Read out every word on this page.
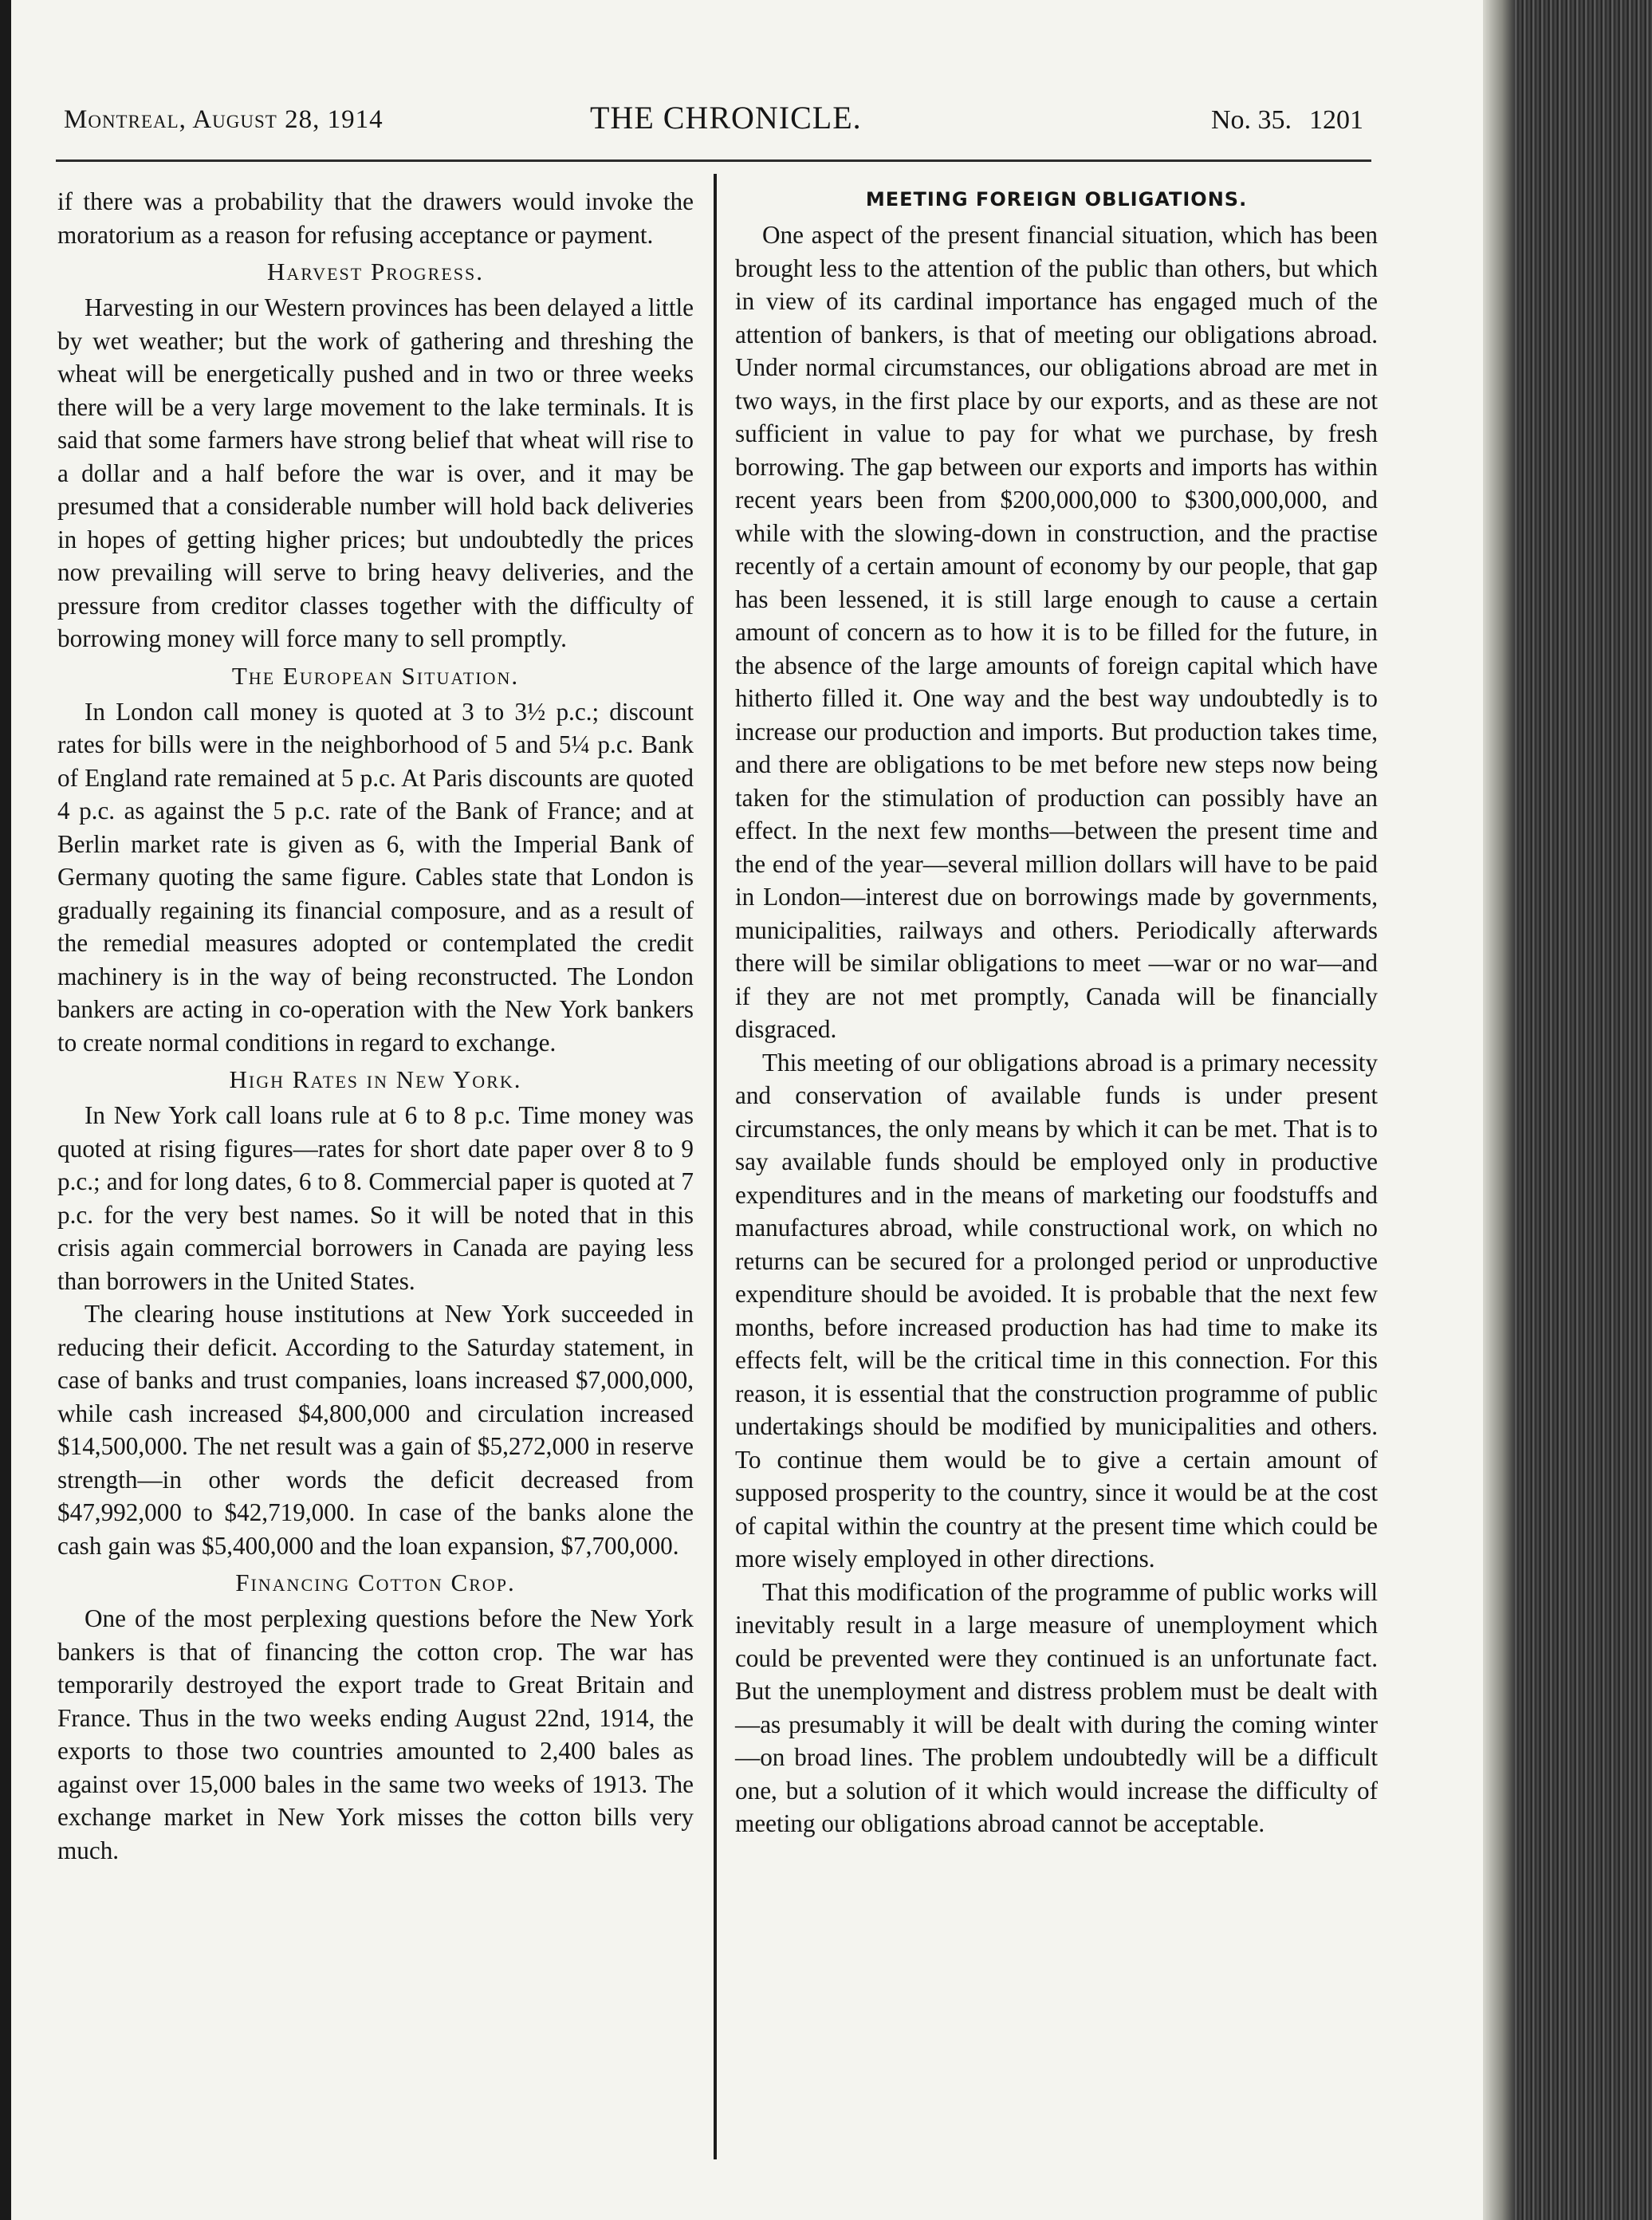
Montreal, August 28, 1914	THE CHRONICLE.	No. 35. 1201

if there was a probability that the drawers would invoke the moratorium as a reason for refusing acceptance or payment.

Harvest Progress.

Harvesting in our Western provinces has been delayed a little by wet weather; but the work of gathering and threshing the wheat will be energetically pushed and in two or three weeks there will be a very large movement to the lake terminals. It is said that some farmers have strong belief that wheat will rise to a dollar and a half before the war is over, and it may be presumed that a considerable number will hold back deliveries in hopes of getting higher prices; but undoubtedly the prices now prevailing will serve to bring heavy deliveries, and the pressure from creditor classes together with the difficulty of borrowing money will force many to sell promptly.

The European Situation.

In London call money is quoted at 3 to 3½ p.c.; discount rates for bills were in the neighborhood of 5 and 5¼ p.c. Bank of England rate remained at 5 p.c. At Paris discounts are quoted 4 p.c. as against the 5 p.c. rate of the Bank of France; and at Berlin market rate is given as 6, with the Imperial Bank of Germany quoting the same figure. Cables state that London is gradually regaining its financial composure, and as a result of the remedial measures adopted or contemplated the credit machinery is in the way of being reconstructed. The London bankers are acting in co-operation with the New York bankers to create normal conditions in regard to exchange.

High Rates in New York.

In New York call loans rule at 6 to 8 p.c. Time money was quoted at rising figures—rates for short date paper over 8 to 9 p.c.; and for long dates, 6 to 8. Commercial paper is quoted at 7 p.c. for the very best names. So it will be noted that in this crisis again commercial borrowers in Canada are paying less than borrowers in the United States.

The clearing house institutions at New York succeeded in reducing their deficit. According to the Saturday statement, in case of banks and trust companies, loans increased $7,000,000, while cash increased $4,800,000 and circulation increased $14,500,000. The net result was a gain of $5,272,000 in reserve strength—in other words the deficit decreased from $47,992,000 to $42,719,000. In case of the banks alone the cash gain was $5,400,000 and the loan expansion, $7,700,000.

Financing Cotton Crop.

One of the most perplexing questions before the New York bankers is that of financing the cotton crop. The war has temporarily destroyed the export trade to Great Britain and France. Thus in the two weeks ending August 22nd, 1914, the exports to those two countries amounted to 2,400 bales as against over 15,000 bales in the same two weeks of 1913. The exchange market in New York misses the cotton bills very much.

MEETING FOREIGN OBLIGATIONS.

One aspect of the present financial situation, which has been brought less to the attention of the public than others, but which in view of its cardinal importance has engaged much of the attention of bankers, is that of meeting our obligations abroad. Under normal circumstances, our obligations abroad are met in two ways, in the first place by our exports, and as these are not sufficient in value to pay for what we purchase, by fresh borrowing. The gap between our exports and imports has within recent years been from $200,000,000 to $300,000,000, and while with the slowing-down in construction, and the practise recently of a certain amount of economy by our people, that gap has been lessened, it is still large enough to cause a certain amount of concern as to how it is to be filled for the future, in the absence of the large amounts of foreign capital which have hitherto filled it. One way and the best way undoubtedly is to increase our production and imports. But production takes time, and there are obligations to be met before new steps now being taken for the stimulation of production can possibly have an effect. In the next few months—between the present time and the end of the year—several million dollars will have to be paid in London—interest due on borrowings made by governments, municipalities, railways and others. Periodically afterwards there will be similar obligations to meet —war or no war—and if they are not met promptly, Canada will be financially disgraced.

This meeting of our obligations abroad is a primary necessity and conservation of available funds is under present circumstances, the only means by which it can be met. That is to say available funds should be employed only in productive expenditures and in the means of marketing our foodstuffs and manufactures abroad, while constructional work, on which no returns can be secured for a prolonged period or unproductive expenditure should be avoided. It is probable that the next few months, before increased production has had time to make its effects felt, will be the critical time in this connection. For this reason, it is essential that the construction programme of public undertakings should be modified by municipalities and others. To continue them would be to give a certain amount of supposed prosperity to the country, since it would be at the cost of capital within the country at the present time which could be more wisely employed in other directions.

That this modification of the programme of public works will inevitably result in a large measure of unemployment which could be prevented were they continued is an unfortunate fact. But the unemployment and distress problem must be dealt with—as presumably it will be dealt with during the coming winter—on broad lines. The problem undoubtedly will be a difficult one, but a solution of it which would increase the difficulty of meeting our obligations abroad cannot be acceptable.
